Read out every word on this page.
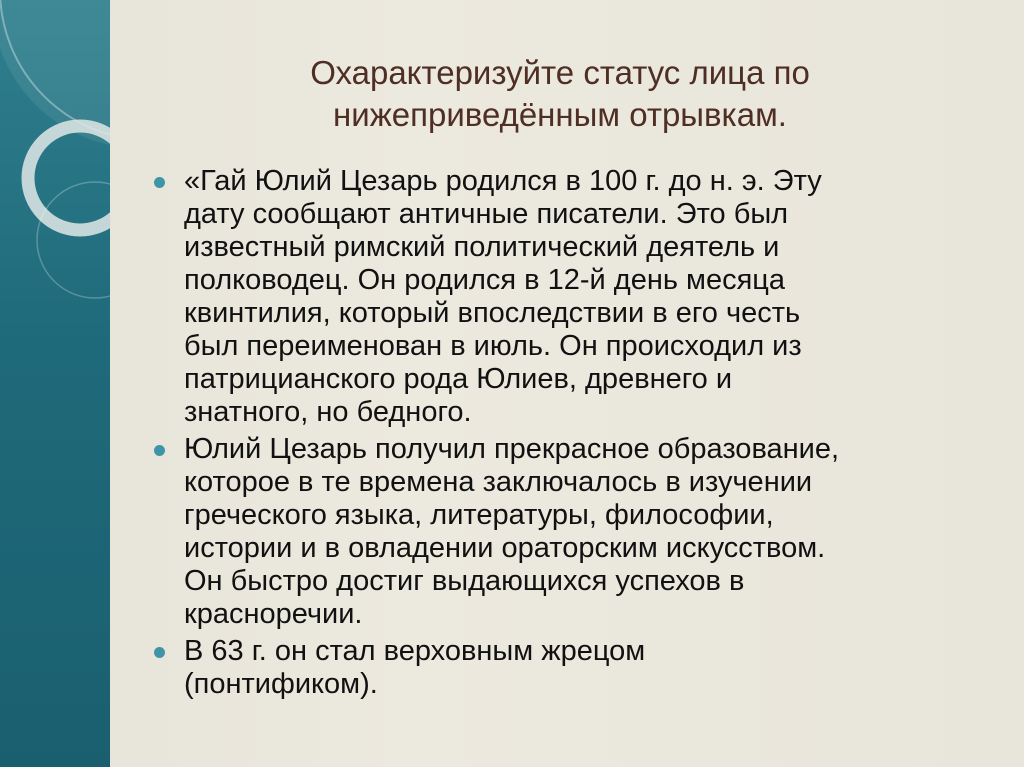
Охарактеризуйте статус лица по
нижеприведённым отрывкам.
«Гай Юлий Цезарь родился в 100 г. до н. э. Эту
дату сообщают античные писатели. Это был
известный римский политический деятель и
полководец. Он родился в 12-й день месяца
квинтилия, который впоследствии в его честь
был переименован в июль. Он происходил из
патрицианского рода Юлиев, древнего и
знатного, но бедного.
Юлий Цезарь получил прекрасное образование,
которое в те времена заключалось в изучении
греческого языка, литературы, философии,
истории и в овладении ораторским искусством.
Он быстро достиг выдающихся успехов в
красноречии.
В 63 г. он стал верховным жрецом
(понтификом).
